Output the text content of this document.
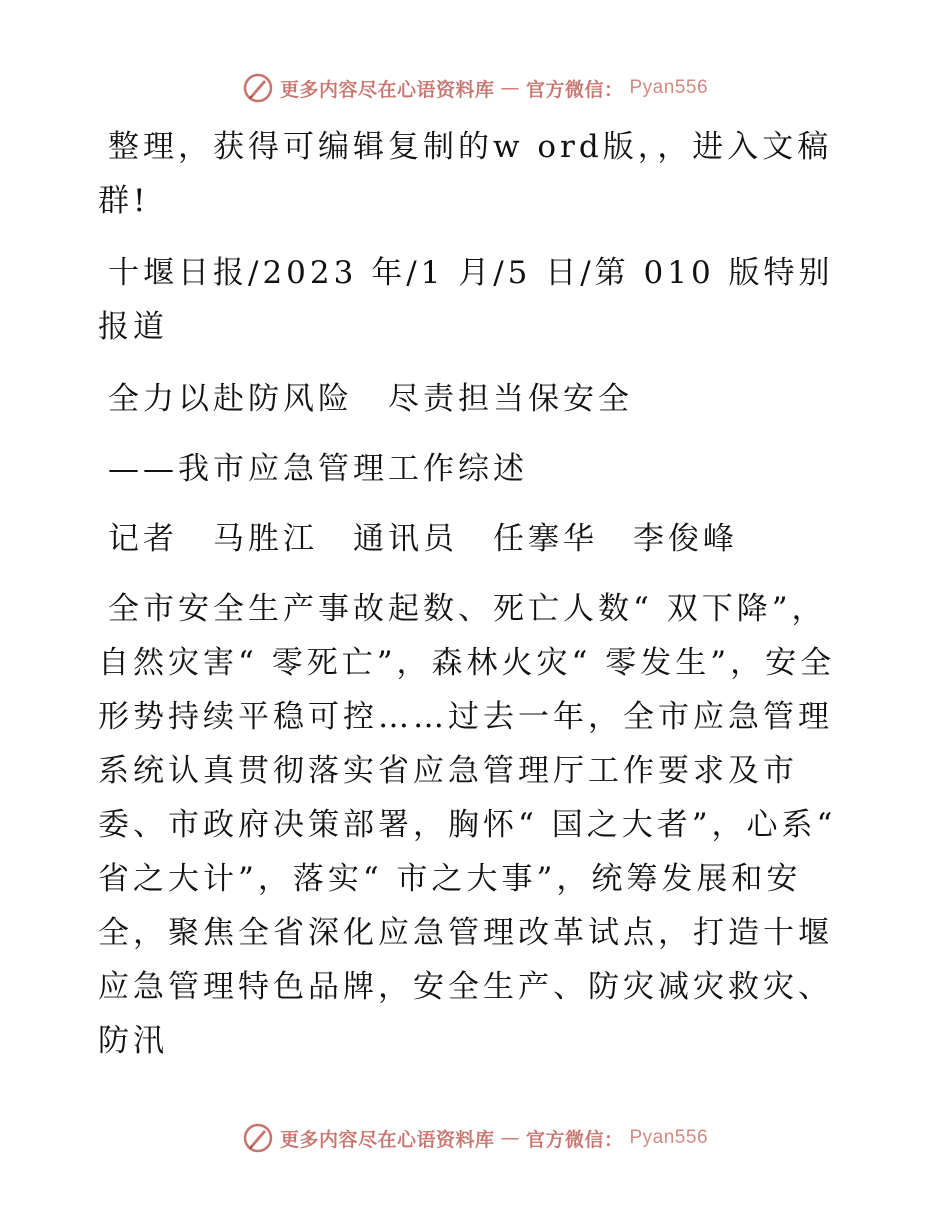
更多内容尽在心语资料库 — 官方微信： Pyan556

整理，获得可编辑复制的w ord版，，进入文稿群!

十堰日报/2023 年/1 月/5 日/第 010 版特别报道

全力以赴防风险　尽责担当保安全

——我市应急管理工作综述

记者　马胜江　通讯员　任搴华　李俊峰

全市安全生产事故起数、死亡人数“ 双下降”，自然灾害“ 零死亡”，森林火灾“ 零发生”，安全形势持续平稳可控……过去一年，全市应急管理系统认真贯彻落实省应急管理厅工作要求及市委、市政府决策部署，胸怀“ 国之大者”，心系“ 省之大计”，落实“ 市之大事”，统筹发展和安全，聚焦全省深化应急管理改革试点，打造十堰应急管理特色品牌，安全生产、防灾减灾救灾、防汛

更多内容尽在心语资料库 — 官方微信： Pyan556
